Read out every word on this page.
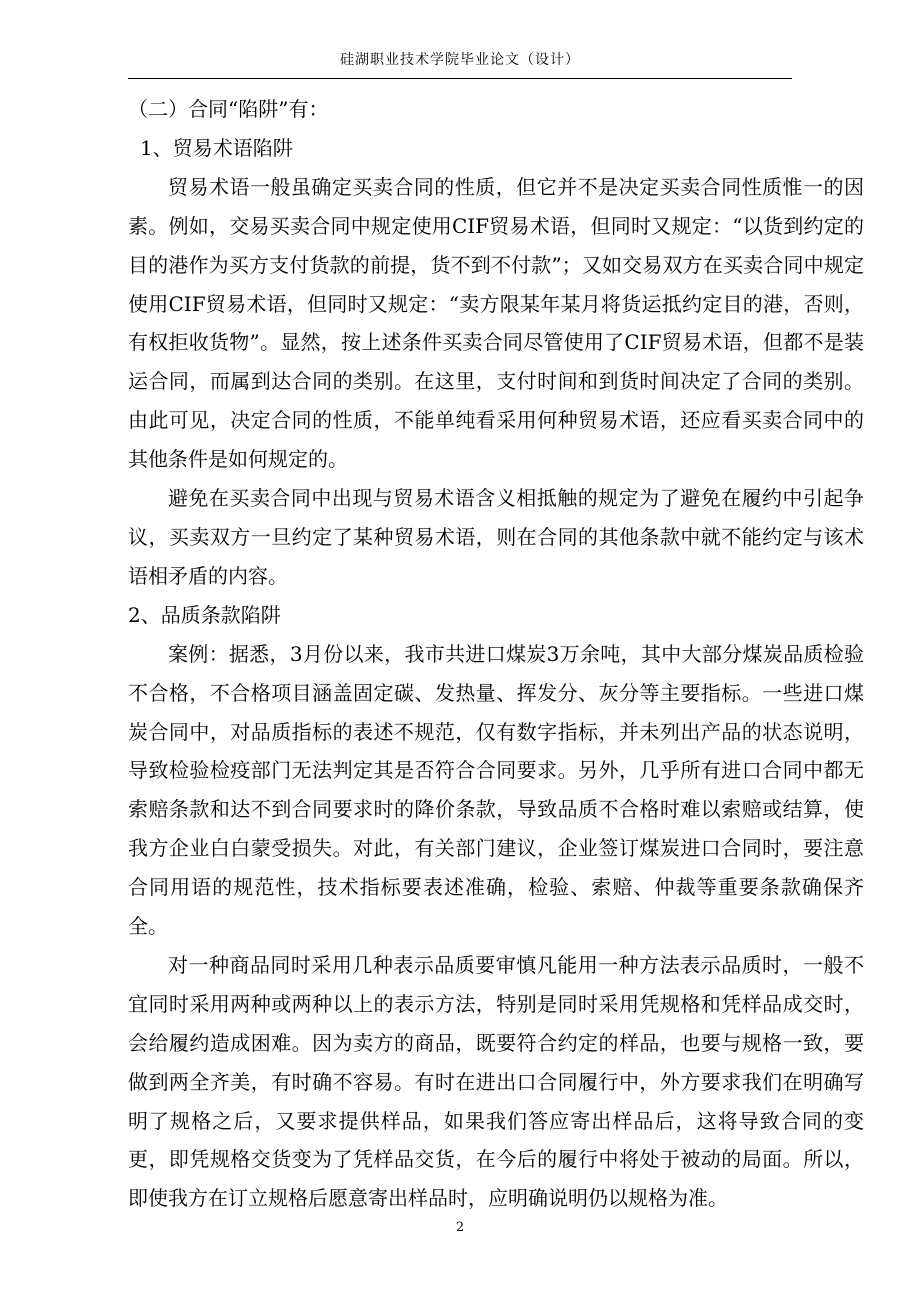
硅湖职业技术学院毕业论文（设计）

（二）合同“陷阱”有：

1、贸易术语陷阱

贸易术语一般虽确定买卖合同的性质，但它并不是决定买卖合同性质惟一的因素。例如，交易买卖合同中规定使用CIF贸易术语，但同时又规定：“以货到约定的目的港作为买方支付货款的前提，货不到不付款”；又如交易双方在买卖合同中规定使用CIF贸易术语，但同时又规定：“卖方限某年某月将货运抵约定目的港，否则，有权拒收货物”。显然，按上述条件买卖合同尽管使用了CIF贸易术语，但都不是装运合同，而属到达合同的类别。在这里，支付时间和到货时间决定了合同的类别。由此可见，决定合同的性质，不能单纯看采用何种贸易术语，还应看买卖合同中的其他条件是如何规定的。

避免在买卖合同中出现与贸易术语含义相抵触的规定为了避免在履约中引起争议，买卖双方一旦约定了某种贸易术语，则在合同的其他条款中就不能约定与该术语相矛盾的内容。

2、品质条款陷阱

案例：据悉，3月份以来，我市共进口煤炭3万余吨，其中大部分煤炭品质检验不合格，不合格项目涵盖固定碳、发热量、挥发分、灰分等主要指标。一些进口煤炭合同中，对品质指标的表述不规范，仅有数字指标，并未列出产品的状态说明，导致检验检疫部门无法判定其是否符合合同要求。另外，几乎所有进口合同中都无索赔条款和达不到合同要求时的降价条款，导致品质不合格时难以索赔或结算，使我方企业白白蒙受损失。对此，有关部门建议，企业签订煤炭进口合同时，要注意合同用语的规范性，技术指标要表述准确，检验、索赔、仲裁等重要条款确保齐全。

对一种商品同时采用几种表示品质要审慎凡能用一种方法表示品质时，一般不宜同时采用两种或两种以上的表示方法，特别是同时采用凭规格和凭样品成交时，会给履约造成困难。因为卖方的商品，既要符合约定的样品，也要与规格一致，要做到两全齐美，有时确不容易。有时在进出口合同履行中，外方要求我们在明确写明了规格之后，又要求提供样品，如果我们答应寄出样品后，这将导致合同的变更，即凭规格交货变为了凭样品交货，在今后的履行中将处于被动的局面。所以，即使我方在订立规格后愿意寄出样品时，应明确说明仍以规格为准。

2
